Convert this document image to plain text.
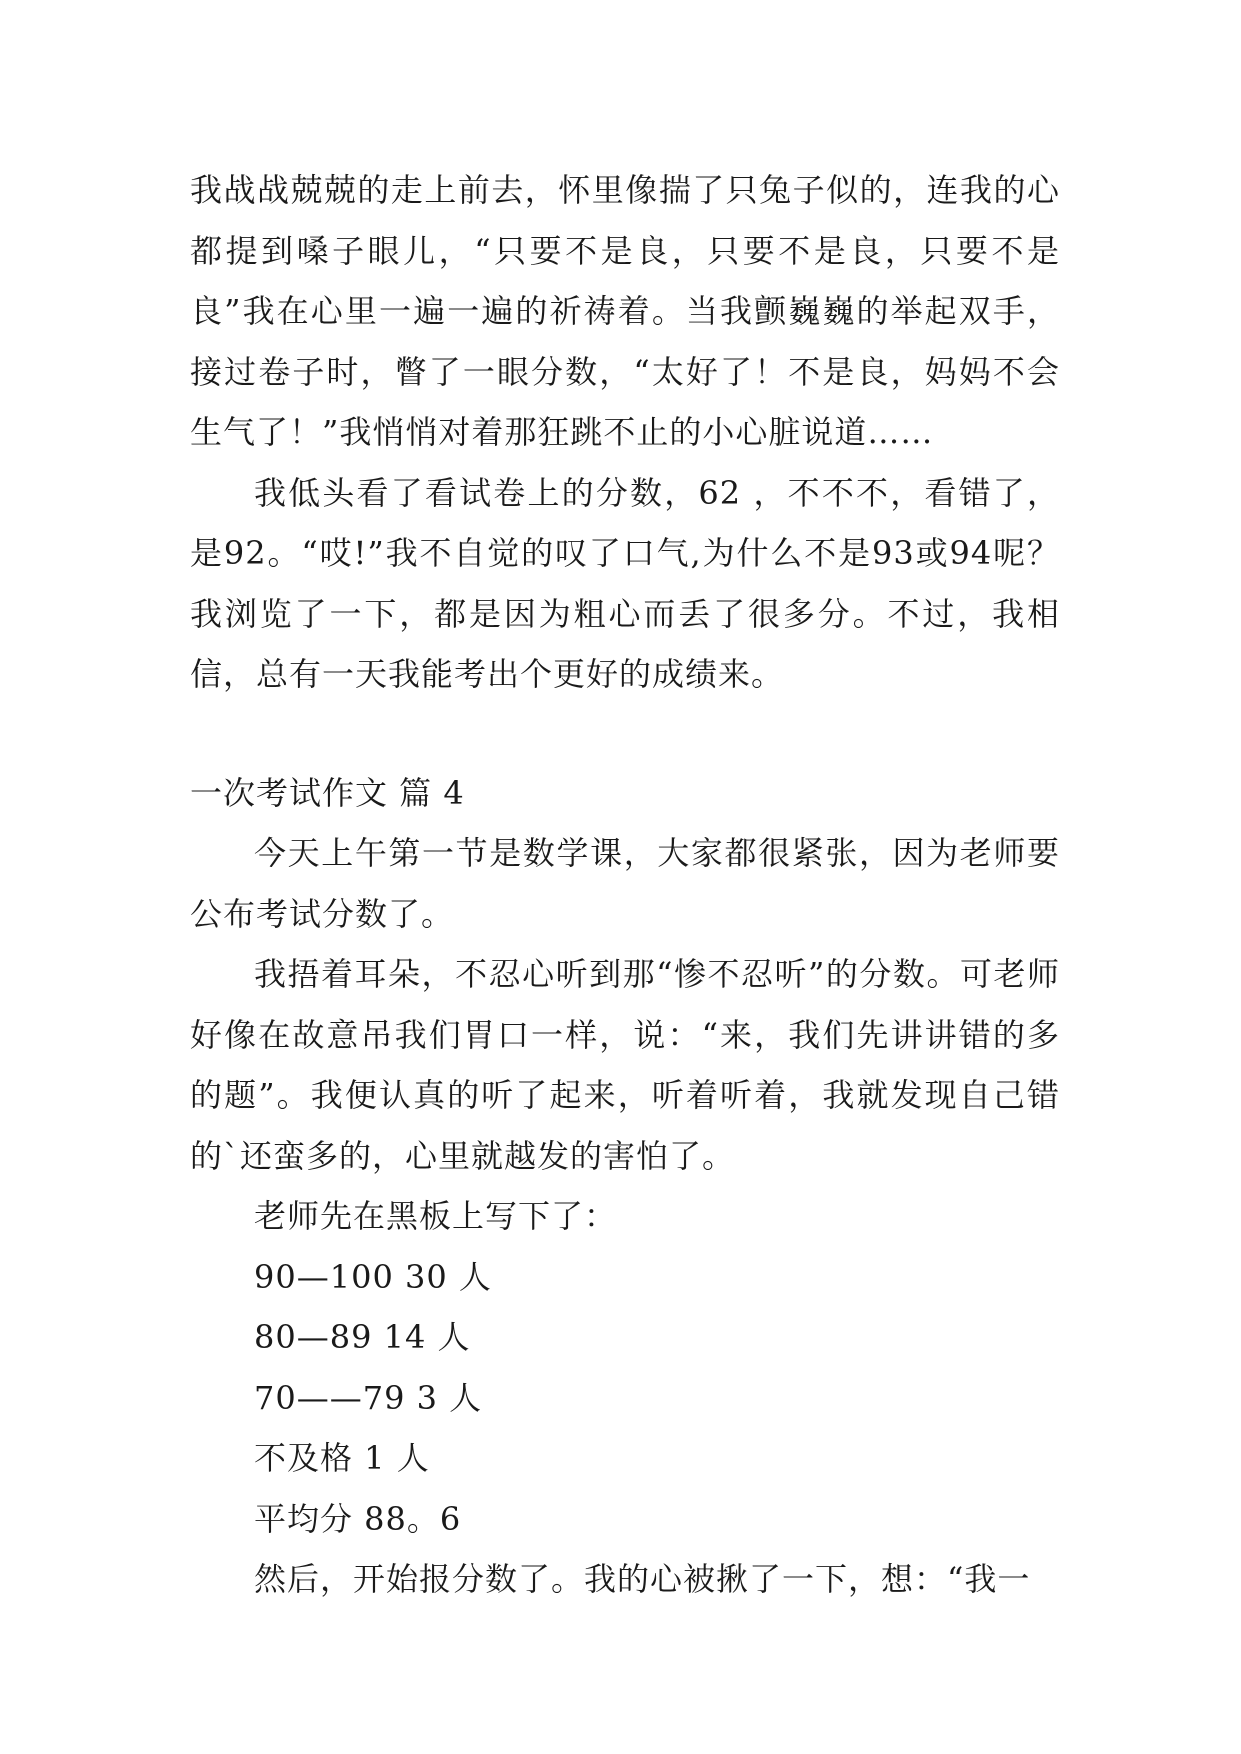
我战战兢兢的走上前去，怀里像揣了只兔子似的，连我的心都提到嗓子眼儿，“只要不是良，只要不是良，只要不是良”我在心里一遍一遍的祈祷着。当我颤巍巍的举起双手，接过卷子时，瞥了一眼分数，“太好了！不是良，妈妈不会生气了！”我悄悄对着那狂跳不止的小心脏说道……

我低头看了看试卷上的分数，62 ，不不不，看错了，是92。“哎!”我不自觉的叹了口气,为什么不是93或94呢？我浏览了一下，都是因为粗心而丢了很多分。不过，我相信，总有一天我能考出个更好的成绩来。

一次考试作文 篇 4

今天上午第一节是数学课，大家都很紧张，因为老师要公布考试分数了。

我捂着耳朵，不忍心听到那“惨不忍听”的分数。可老师好像在故意吊我们胃口一样，说：“来，我们先讲讲错的多的题”。我便认真的听了起来，听着听着，我就发现自己错的`还蛮多的，心里就越发的害怕了。

老师先在黑板上写下了：

90—100 30 人

80—89 14 人

70——79 3 人

不及格 1 人

平均分 88。6

然后，开始报分数了。我的心被揪了一下，想：“我一
